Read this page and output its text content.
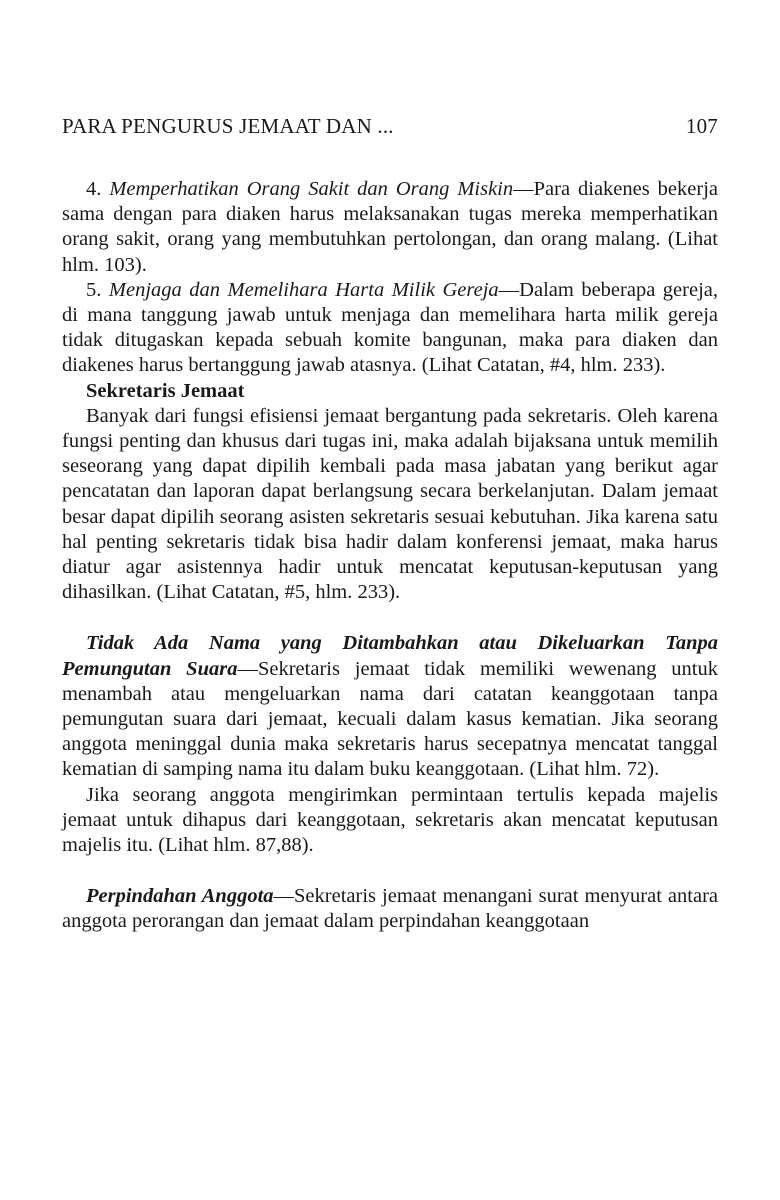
PARA PENGURUS JEMAAT DAN ...	107

4. Memperhatikan Orang Sakit dan Orang Miskin—Para diakenes bekerja sama dengan para diaken harus melaksanakan tugas mereka memperhatikan orang sakit, orang yang membutuhkan pertolongan, dan orang malang. (Lihat hlm. 103).

5. Menjaga dan Memelihara Harta Milik Gereja—Dalam beberapa gereja, di mana tanggung jawab untuk menjaga dan memelihara harta milik gereja tidak ditugaskan kepada sebuah komite bangunan, maka para diaken dan diakenes harus bertanggung jawab atasnya. (Lihat Catatan, #4, hlm. 233).

Sekretaris Jemaat

Banyak dari fungsi efisiensi jemaat bergantung pada sekretaris. Oleh karena fungsi penting dan khusus dari tugas ini, maka adalah bijaksana untuk memilih seseorang yang dapat dipilih kembali pada masa jabatan yang berikut agar pencatatan dan laporan dapat berlangsung secara berkelanjutan. Dalam jemaat besar dapat dipilih seorang asisten sekretaris sesuai kebutuhan. Jika karena satu hal penting sekretaris tidak bisa hadir dalam konferensi jemaat, maka harus diatur agar asistennya hadir untuk mencatat keputusan-keputusan yang dihasilkan. (Lihat Catatan, #5, hlm. 233).

Tidak Ada Nama yang Ditambahkan atau Dikeluarkan Tanpa Pemungutan Suara—Sekretaris jemaat tidak memiliki wewenang untuk menambah atau mengeluarkan nama dari catatan keanggotaan tanpa pemungutan suara dari jemaat, kecuali dalam kasus kematian. Jika seorang anggota meninggal dunia maka sekretaris harus secepatnya mencatat tanggal kematian di samping nama itu dalam buku keanggotaan. (Lihat hlm. 72).

Jika seorang anggota mengirimkan permintaan tertulis kepada majelis jemaat untuk dihapus dari keanggotaan, sekretaris akan mencatat keputusan majelis itu. (Lihat hlm. 87,88).

Perpindahan Anggota—Sekretaris jemaat menangani surat menyurat antara anggota perorangan dan jemaat dalam perpindahan keanggotaan
